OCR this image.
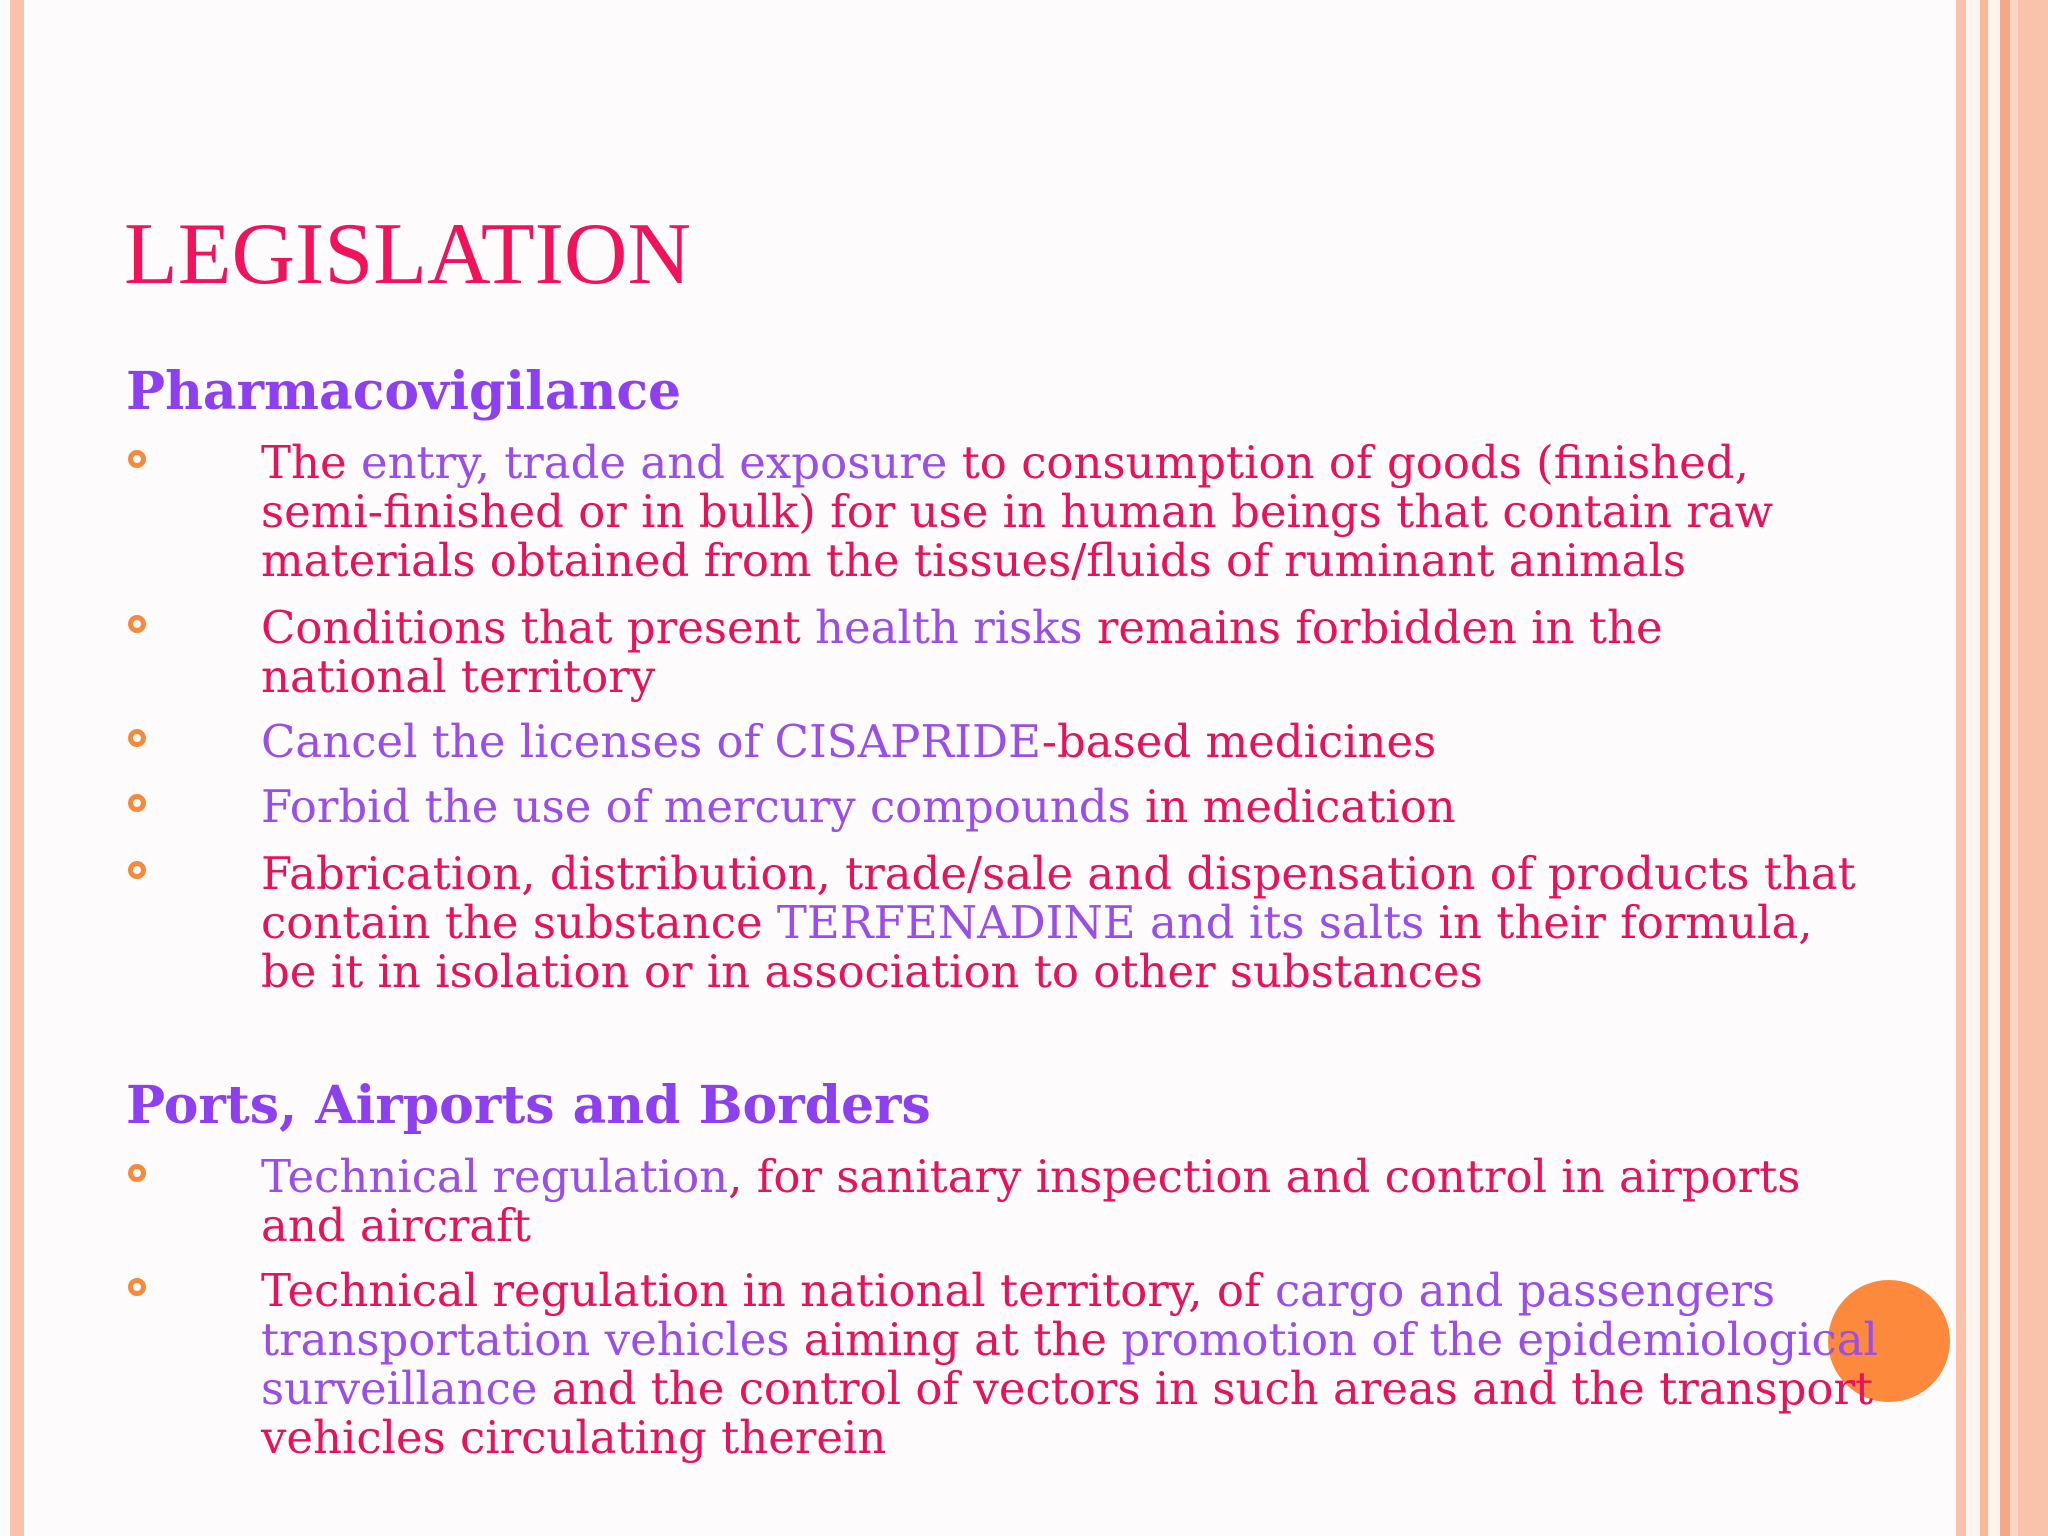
LEGISLATION
Pharmacovigilance
Ports, Airports and Borders

The entry, trade and exposure to consumption of goods (finished,
semi-finished or in bulk) for use in human beings that contain raw
materials obtained from the tissues/fluids of ruminant animals

Conditions that present health risks remains forbidden in the
national territory

Cancel the licenses of CISAPRIDE-based medicines

Forbid the use of mercury compounds in medication

Fabrication, distribution, trade/sale and dispensation of products that
contain the substance TERFENADINE and its salts in their formula,
be it in isolation or in association to other substances

Technical regulation, for sanitary inspection and control in airports
and aircraft

Technical regulation in national territory, of cargo and passengers
transportation vehicles aiming at the promotion of the epidemiological
surveillance and the control of vectors in such areas and the transport
vehicles circulating therein
